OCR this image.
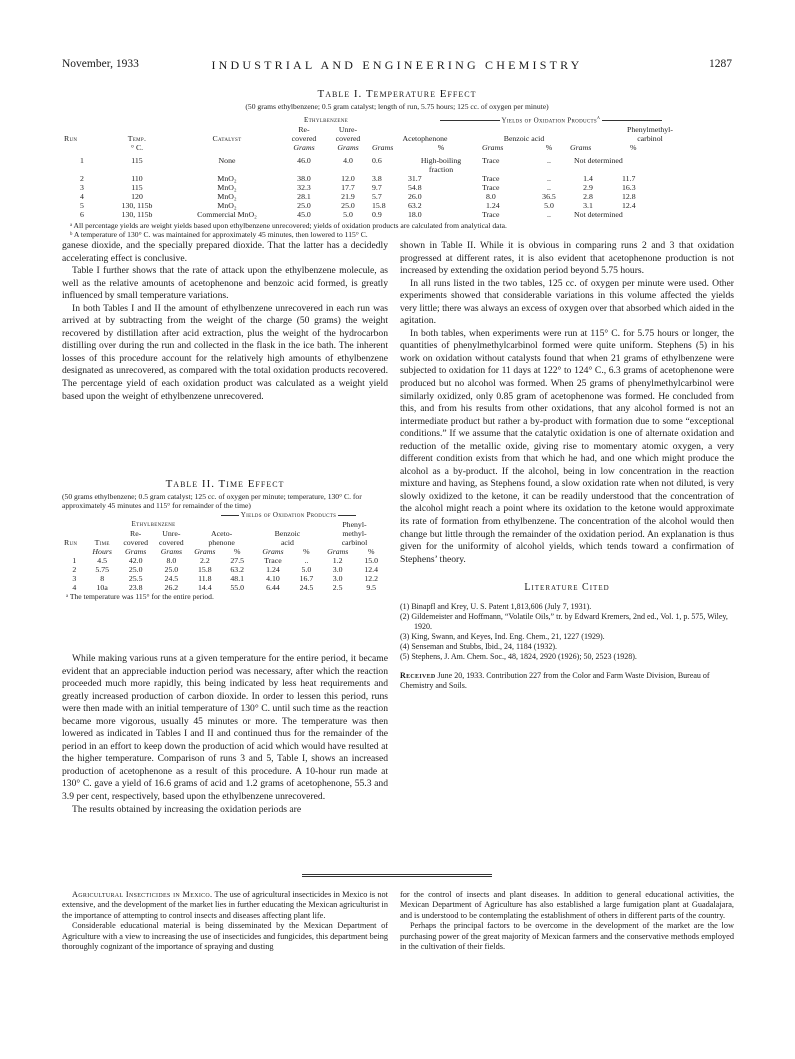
November, 1933	INDUSTRIAL AND ENGINEERING CHEMISTRY	1287
Table I. Temperature Effect
(50 grams ethylbenzene; 0.5 gram catalyst; length of run, 5.75 hours; 125 cc. of oxygen per minute)
			Ethylbenzene		Yields of Oxidation Products$^a$
			Re-	Unre-					Phenylmethyl-	
Run	Temp.	Catalyst	covered	covered	Acetophenone		Benzoic acid		carbinol	
	° C.		Grams	Grams	Grams	%	Grams	%	Grams	%

1	115	None	46.0	4.0	0.6	High-boiling	Trace	..	Not determined	
						fraction				
2	110	MnO₂	38.0	12.0	3.8	31.7	Trace	..	1.4	11.7
3	115	MnO₂	32.3	17.7	9.7	54.8	Trace	..	2.9	16.3
4	120	MnO₂	28.1	21.9	5.7	26.0	8.0	36.5	2.8	12.8
5	130, 115b	MnO₂	25.0	25.0	15.8	63.2	1.24	5.0	3.1	12.4
6	130, 115b	Commercial MnO₂	45.0	5.0	0.9	18.0	Trace	..	Not determined	
ᵃ All percentage yields are weight yields based upon ethylbenzene unrecovered; yields of oxidation products are calculated from analytical data.
ᵇ A temperature of 130° C. was maintained for approximately 45 minutes, then lowered to 115° C.

ganese dioxide, and the specially prepared dioxide. That the latter has a decidedly accelerating effect is conclusive.

Table I further shows that the rate of attack upon the ethylbenzene molecule, as well as the relative amounts of acetophenone and benzoic acid formed, is greatly influenced by small temperature variations.

In both Tables I and II the amount of ethylbenzene unrecovered in each run was arrived at by subtracting from the weight of the charge (50 grams) the weight recovered by distillation after acid extraction, plus the weight of the hydrocarbon distilling over during the run and collected in the flask in the ice bath. The inherent losses of this procedure account for the relatively high amounts of ethylbenzene designated as unrecovered, as compared with the total oxidation products recovered. The percentage yield of each oxidation product was calculated as a weight yield based upon the weight of ethylbenzene unrecovered.

Table II. Time Effect
(50 grams ethylbenzene; 0.5 gram catalyst; 125 cc. of oxygen per minute; temperature, 130° C. for approximately 45 minutes and 115° for remainder of the time)
				Yields of Oxidation Products					
		Ethylbenzene						Phenyl-	
		Re-	Unre-	Aceto-		Benzoic		methyl-	
Run	Time	covered	covered	phenone		acid		carbinol	
	Hours	Grams	Grams	Grams	%	Grams	%	Grams	%
1	4.5	42.0	8.0	2.2	27.5	Trace	..	1.2	15.0
2	5.75	25.0	25.0	15.8	63.2	1.24	5.0	3.0	12.4
3	8	25.5	24.5	11.8	48.1	4.10	16.7	3.0	12.2
4	10a	23.8	26.2	14.4	55.0	6.44	24.5	2.5	9.5
ᵃ The temperature was 115° for the entire period.

While making various runs at a given temperature for the entire period, it became evident that an appreciable induction period was necessary, after which the reaction proceeded much more rapidly, this being indicated by less heat requirements and greatly increased production of carbon dioxide. In order to lessen this period, runs were then made with an initial temperature of 130° C. until such time as the reaction became more vigorous, usually 45 minutes or more. The temperature was then lowered as indicated in Tables I and II and continued thus for the remainder of the period in an effort to keep down the production of acid which would have resulted at the higher temperature. Comparison of runs 3 and 5, Table I, shows an increased production of acetophenone as a result of this procedure. A 10-hour run made at 130° C. gave a yield of 16.6 grams of acid and 1.2 grams of acetophenone, 55.3 and 3.9 per cent, respectively, based upon the ethylbenzene unrecovered.

The results obtained by increasing the oxidation periods are

shown in Table II. While it is obvious in comparing runs 2 and 3 that oxidation progressed at different rates, it is also evident that acetophenone production is not increased by extending the oxidation period beyond 5.75 hours.

In all runs listed in the two tables, 125 cc. of oxygen per minute were used. Other experiments showed that considerable variations in this volume affected the yields very little; there was always an excess of oxygen over that absorbed which aided in the agitation.

In both tables, when experiments were run at 115° C. for 5.75 hours or longer, the quantities of phenylmethylcarbinol formed were quite uniform. Stephens (5) in his work on oxidation without catalysts found that when 21 grams of ethylbenzene were subjected to oxidation for 11 days at 122° to 124° C., 6.3 grams of acetophenone were produced but no alcohol was formed. When 25 grams of phenylmethylcarbinol were similarly oxidized, only 0.85 gram of acetophenone was formed. He concluded from this, and from his results from other oxidations, that any alcohol formed is not an intermediate product but rather a by-product with formation due to some “exceptional conditions.” If we assume that the catalytic oxidation is one of alternate oxidation and reduction of the metallic oxide, giving rise to momentary atomic oxygen, a very different condition exists from that which he had, and one which might produce the alcohol as a by-product. If the alcohol, being in low concentration in the reaction mixture and having, as Stephens found, a slow oxidation rate when not diluted, is very slowly oxidized to the ketone, it can be readily understood that the concentration of the alcohol might reach a point where its oxidation to the ketone would approximate its rate of formation from ethylbenzene. The concentration of the alcohol would then change but little through the remainder of the oxidation period. An explanation is thus given for the uniformity of alcohol yields, which tends toward a confirmation of Stephens’ theory.

Literature Cited
(1) Binapfl and Krey, U. S. Patent 1,813,606 (July 7, 1931).
(2) Gildemeister and Hoffmann, “Volatile Oils,” tr. by Edward Kremers, 2nd ed., Vol. 1, p. 575, Wiley, 1920.
(3) King, Swann, and Keyes, Ind. Eng. Chem., 21, 1227 (1929).
(4) Senseman and Stubbs, Ibid., 24, 1184 (1932).
(5) Stephens, J. Am. Chem. Soc., 48, 1824, 2920 (1926); 50, 2523 (1928).
Received June 20, 1933. Contribution 227 from the Color and Farm Waste Division, Bureau of Chemistry and Soils.

Agricultural Insecticides in Mexico. The use of agricultural insecticides in Mexico is not extensive, and the development of the market lies in further educating the Mexican agriculturist in the importance of attempting to control insects and diseases affecting plant life.

Considerable educational material is being disseminated by the Mexican Department of Agriculture with a view to increasing the use of insecticides and fungicides, this department being thoroughly cognizant of the importance of spraying and dusting

for the control of insects and plant diseases. In addition to general educational activities, the Mexican Department of Agriculture has also established a large fumigation plant at Guadalajara, and is understood to be contemplating the establishment of others in different parts of the country.

Perhaps the principal factors to be overcome in the development of the market are the low purchasing power of the great majority of Mexican farmers and the conservative methods employed in the cultivation of their fields.
